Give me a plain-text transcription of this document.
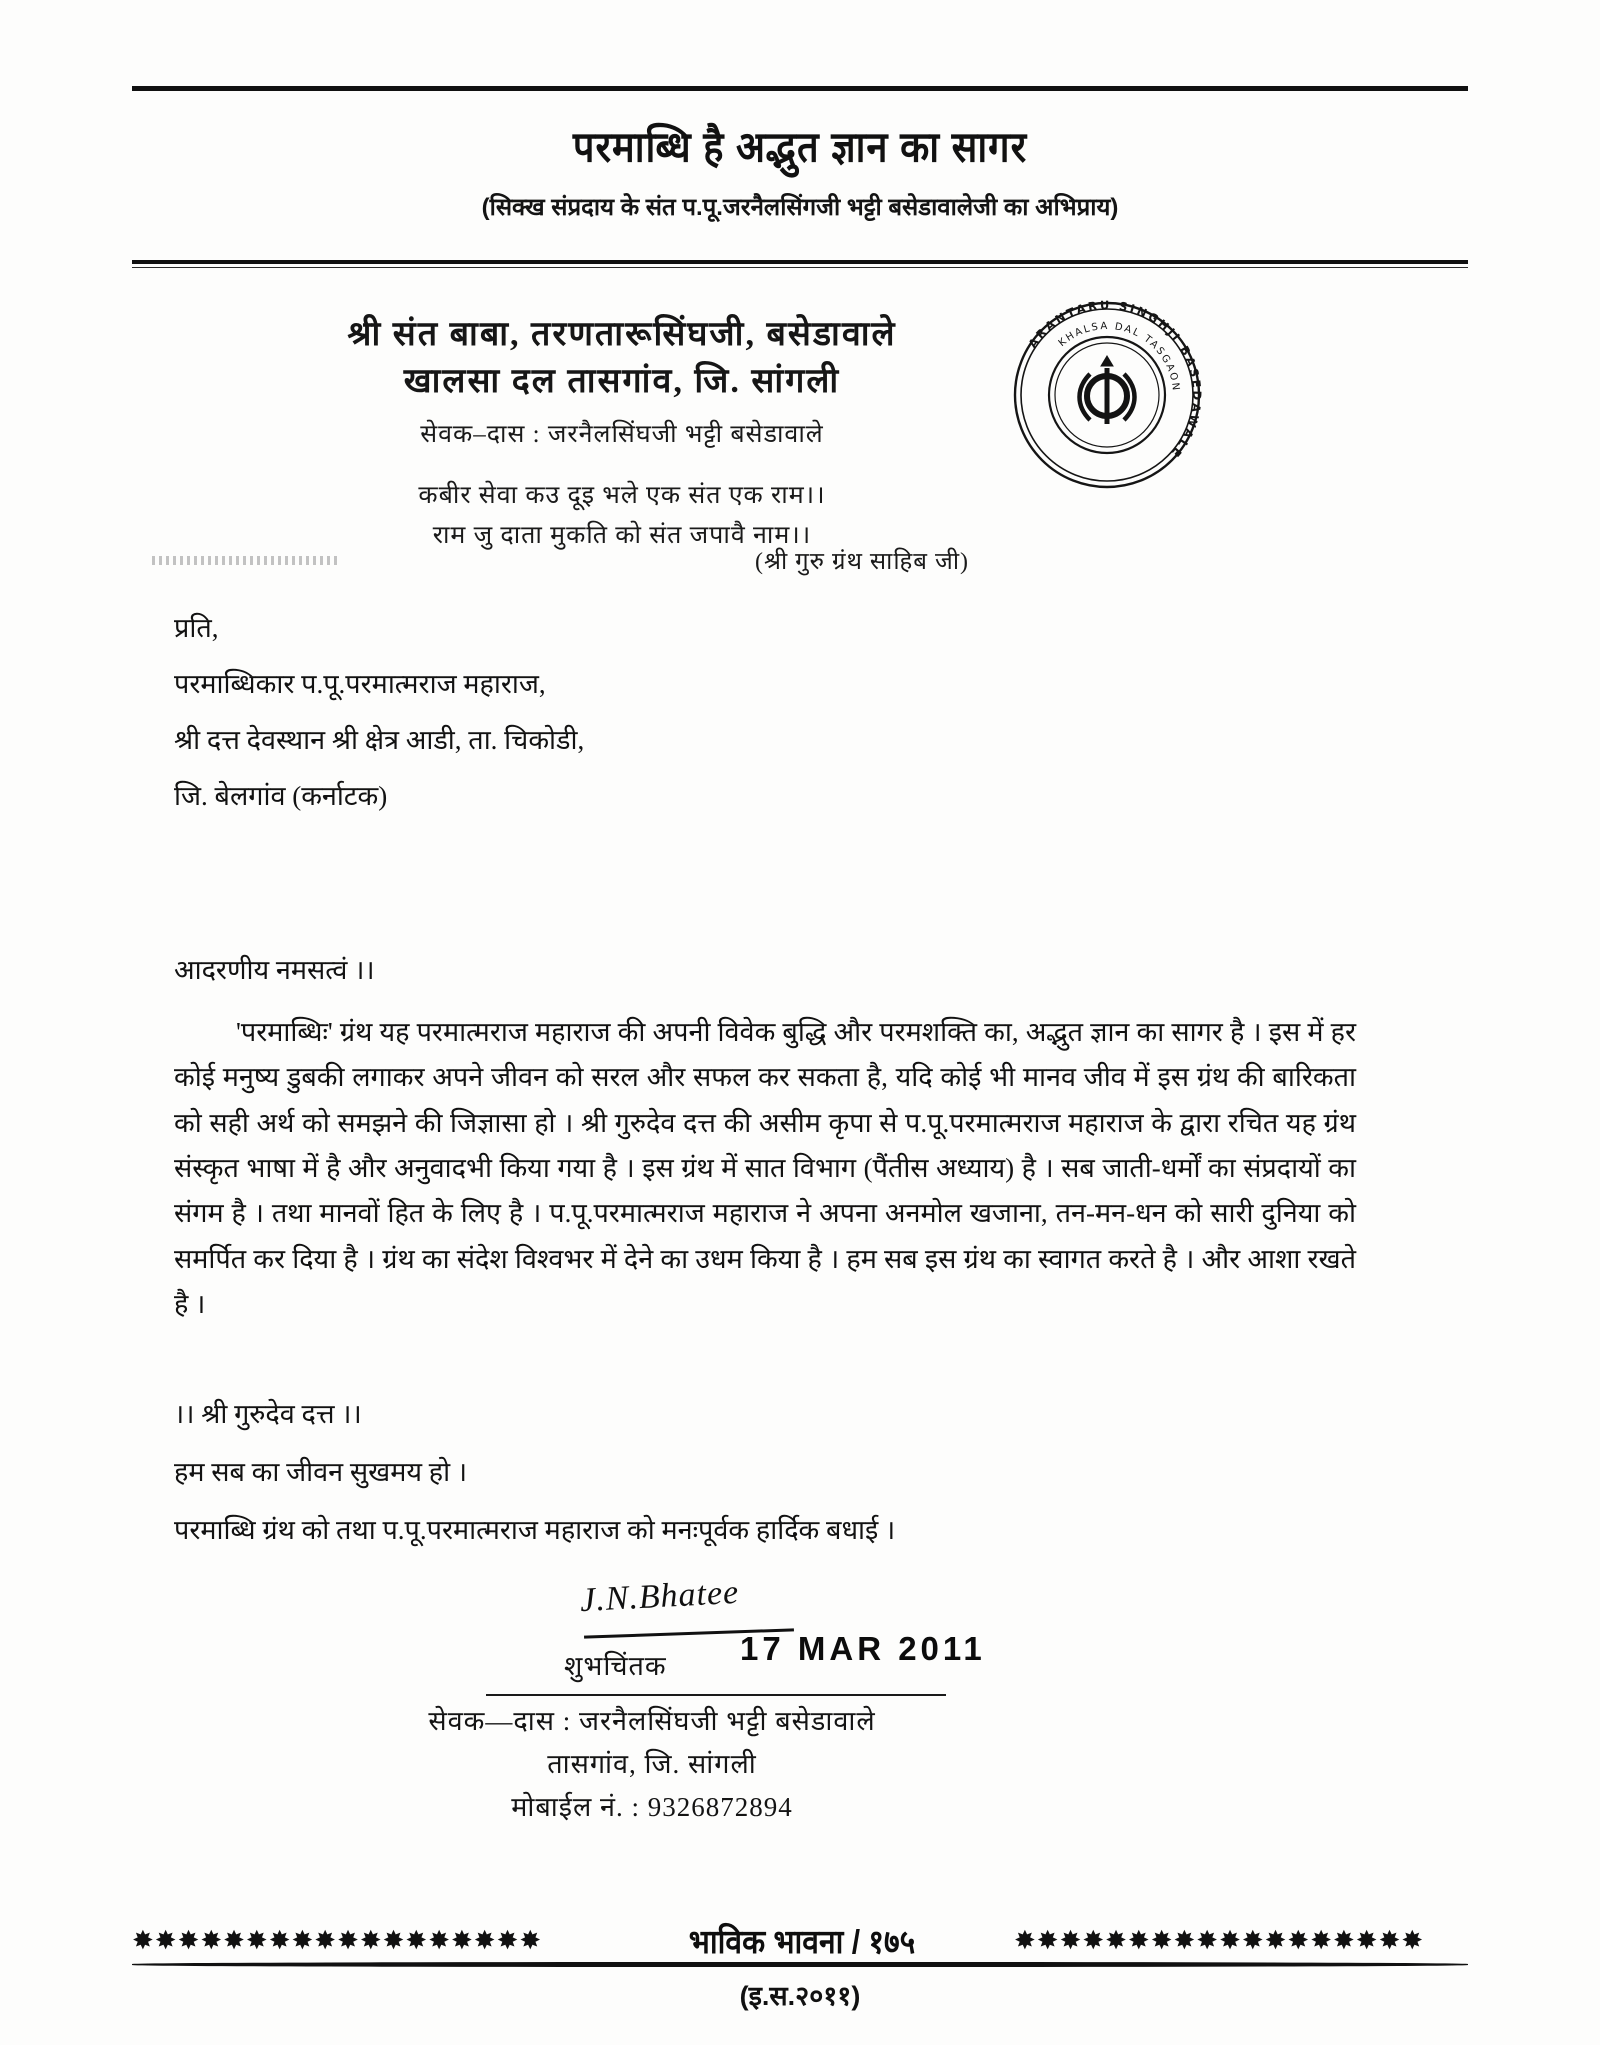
परमाब्धि है अद्भुत ज्ञान का सागर
(सिक्ख संप्रदाय के संत प.पू.जरनैलसिंगजी भट्टी बसेडावालेजी का अभिप्राय)
श्री संत बाबा, तरणतारूसिंघजी, बसेडावाले
खालसा दल तासगांव, जि. सांगली
सेवक–दास : जरनैलसिंघजी भट्टी बसेडावाले
कबीर सेवा कउ दूइ भले एक संत एक राम।।
राम जु दाता मुकति को संत जपावै नाम।।
(श्री गुरु ग्रंथ साहिब जी)
ARANTARU SINGHJI BASEDAWALE
KHALSA DAL TASGAON
प्रति,
परमाब्धिकार प.पू.परमात्मराज महाराज,
श्री दत्त देवस्थान श्री क्षेत्र आडी, ता. चिकोडी,
जि. बेलगांव (कर्नाटक)
आदरणीय नमसत्वं ।।

'परमाब्धिः' ग्रंथ यह परमात्मराज महाराज की अपनी विवेक बुद्धि और परमशक्ति का, अद्भुत ज्ञान का सागर है । इस में हर कोई मनुष्य डुबकी लगाकर अपने जीवन को सरल और सफल कर सकता है, यदि कोई भी मानव जीव में इस ग्रंथ की बारिकता को सही अर्थ को समझने की जिज्ञासा हो । श्री गुरुदेव दत्त की असीम कृपा से प.पू.परमात्मराज महाराज के द्वारा रचित यह ग्रंथ संस्कृत भाषा में है और अनुवादभी किया गया है । इस ग्रंथ में सात विभाग (पैंतीस अध्याय) है । सब जाती-धर्मों का संप्रदायों का संगम है । तथा मानवों हित के लिए है । प.पू.परमात्मराज महाराज ने अपना अनमोल खजाना, तन-मन-धन को सारी दुनिया को समर्पित कर दिया है । ग्रंथ का संदेश विश्वभर में देने का उधम किया है । हम सब इस ग्रंथ का स्वागत करते है । और आशा रखते है ।

।। श्री गुरुदेव दत्त ।।
हम सब का जीवन सुखमय हो ।
परमाब्धि ग्रंथ को तथा प.पू.परमात्मराज महाराज को मनःपूर्वक हार्दिक बधाई ।
J.N.Bhatee
शुभचिंतक 17 MAR 2011
सेवक—दास : जरनैलसिंघजी भट्टी बसेडावाले
तासगांव, जि. सांगली
मोबाईल नं. : 9326872894
✸✸✸✸✸✸✸✸✸✸✸✸✸✸✸✸✸✸	भाविक भावना / १७५	✸✸✸✸✸✸✸✸✸✸✸✸✸✸✸✸✸✸
(इ.स.२०११)
